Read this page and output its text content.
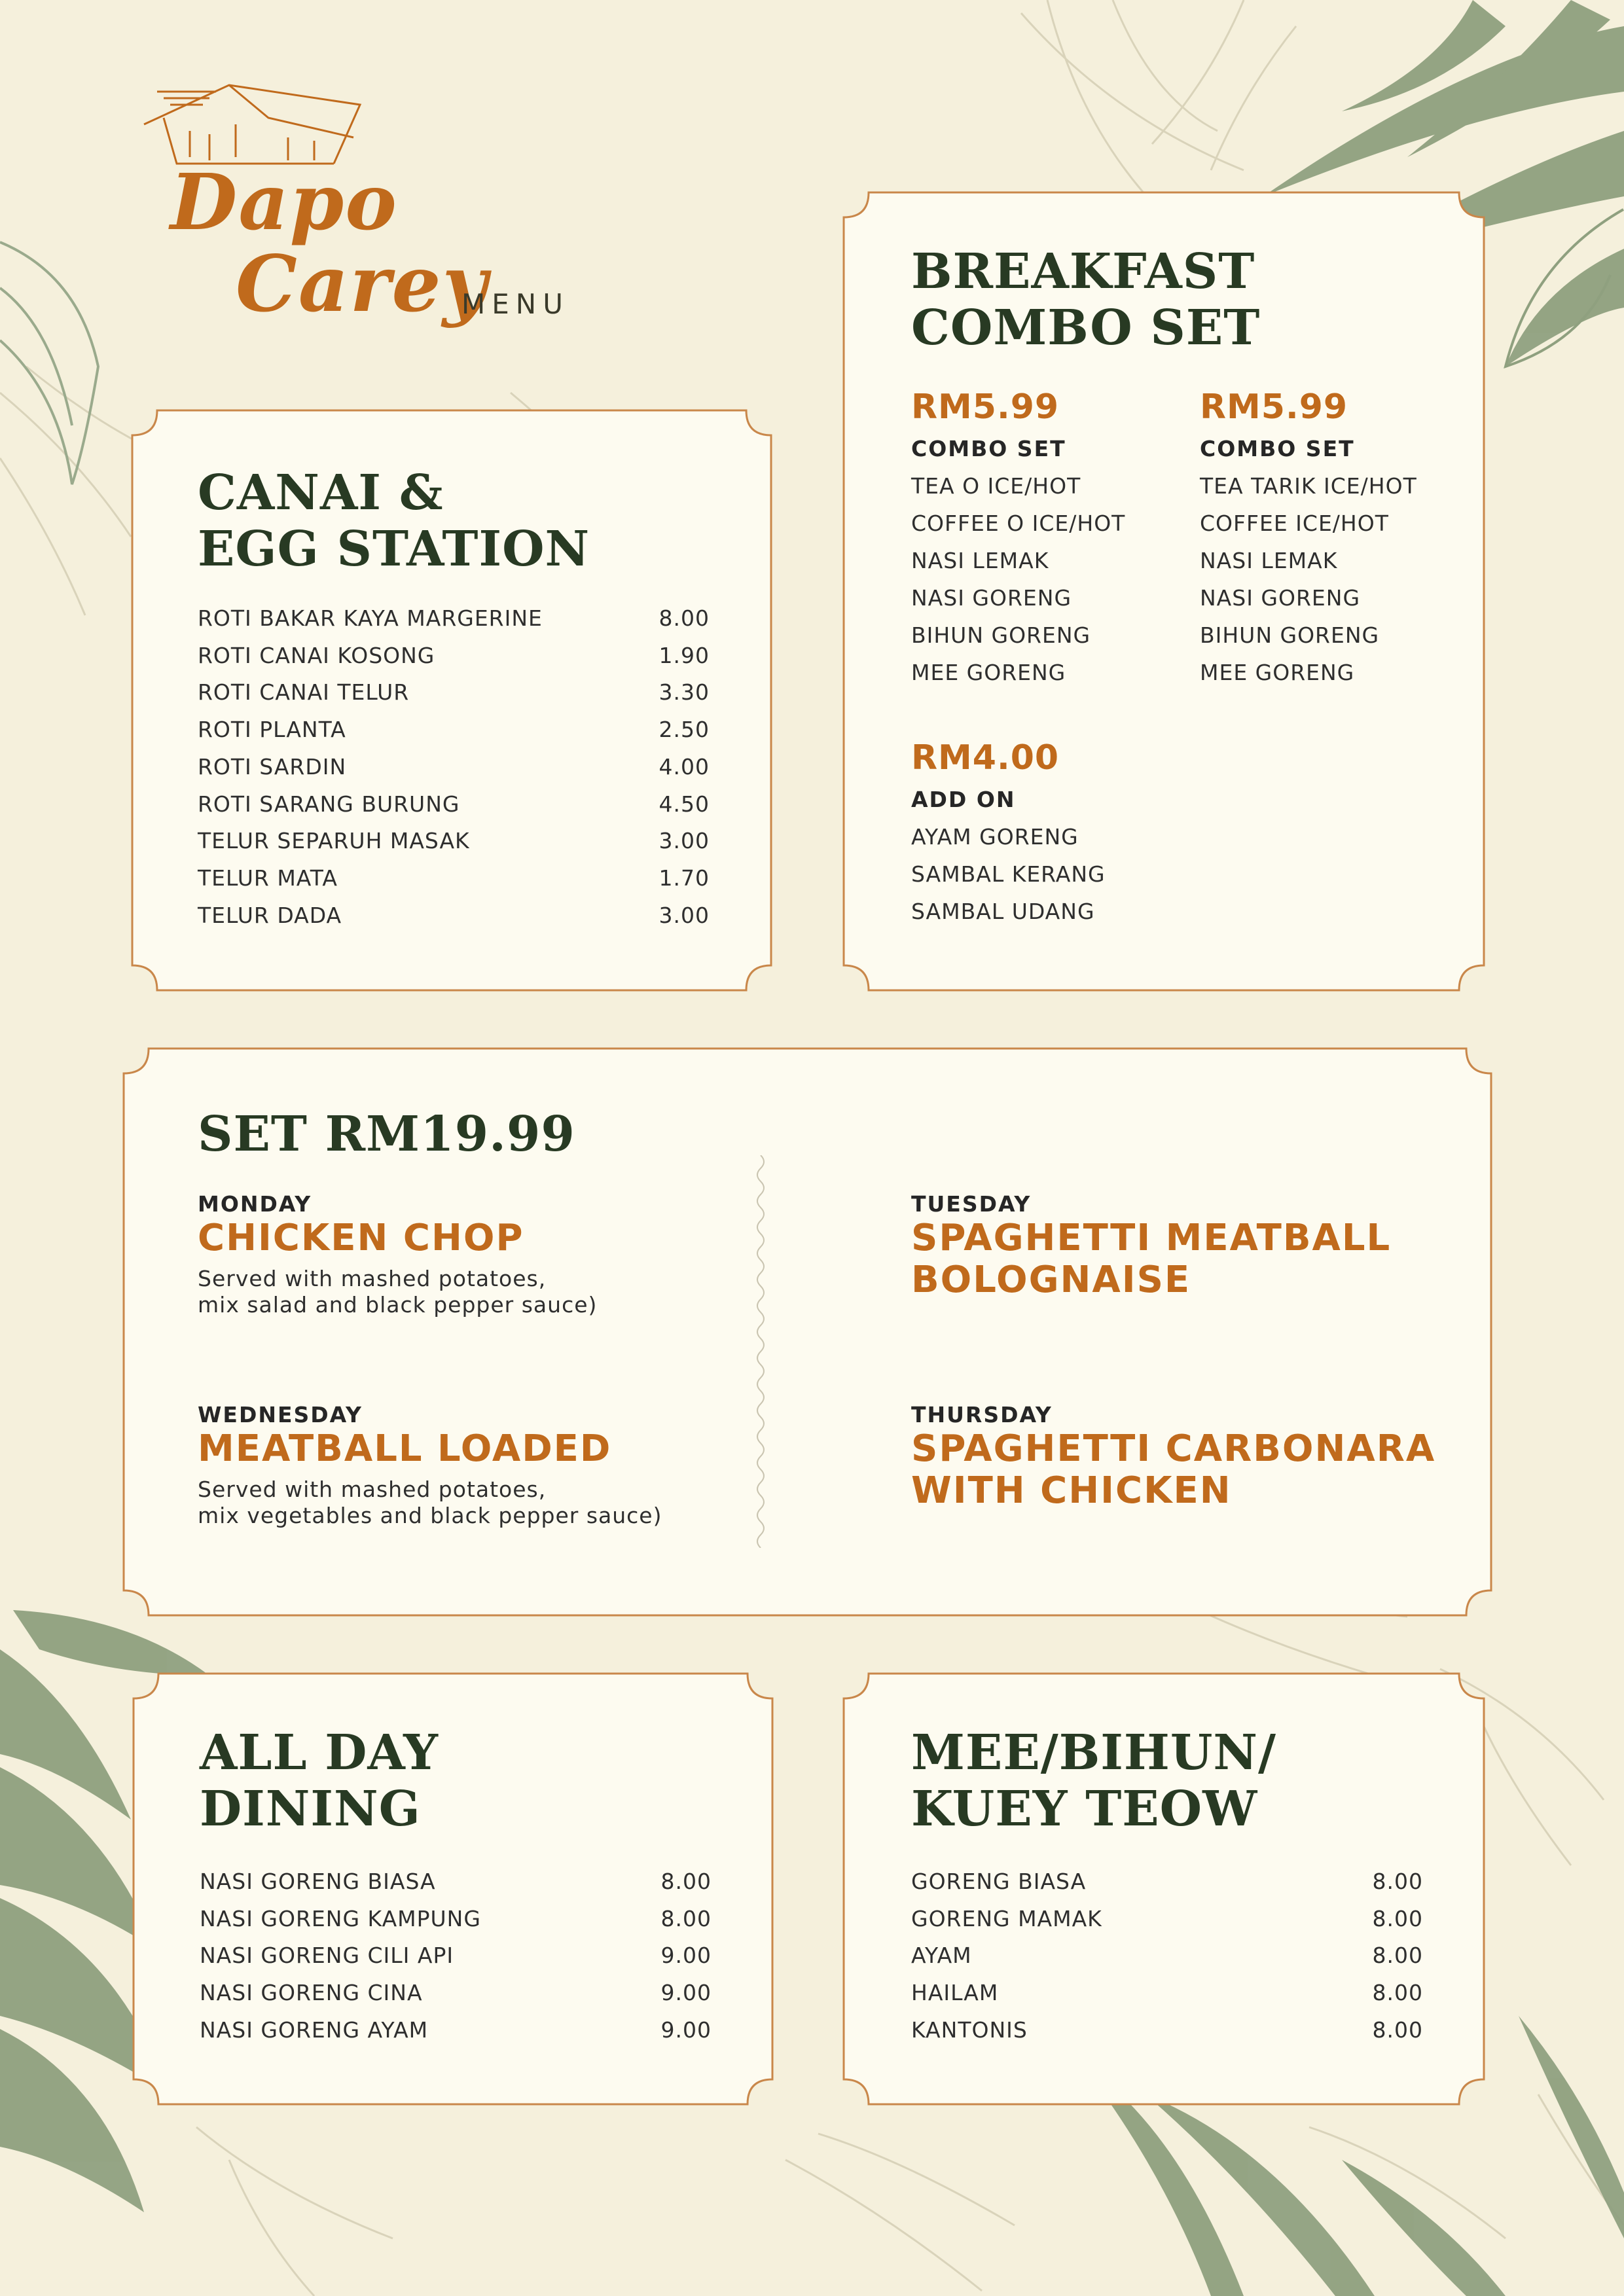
Dapo
Carey
MENU
CANAI &
EGG STATION
ROTI BAKAR KAYA MARGERINE	8.00
ROTI CANAI KOSONG	1.90
ROTI CANAI TELUR	3.30
ROTI PLANTA	2.50
ROTI SARDIN	4.00
ROTI SARANG BURUNG	4.50
TELUR SEPARUH MASAK	3.00
TELUR MATA	1.70
TELUR DADA	3.00
BREAKFAST
COMBO SET
RM5.99
COMBO SET
TEA O ICE/HOT
COFFEE O ICE/HOT
NASI LEMAK
NASI GORENG
BIHUN GORENG
MEE GORENG
RM5.99
COMBO SET
TEA TARIK ICE/HOT
COFFEE ICE/HOT
NASI LEMAK
NASI GORENG
BIHUN GORENG
MEE GORENG
RM4.00
ADD ON
AYAM GORENG
SAMBAL KERANG
SAMBAL UDANG
SET RM19.99
MONDAY
CHICKEN CHOP
Served with mashed potatoes,
mix salad and black pepper sauce)
TUESDAY
SPAGHETTI MEATBALL
BOLOGNAISE
WEDNESDAY
MEATBALL LOADED
Served with mashed potatoes,
mix vegetables and black pepper sauce)
THURSDAY
SPAGHETTI CARBONARA
WITH CHICKEN
ALL DAY
DINING
NASI GORENG BIASA	8.00
NASI GORENG KAMPUNG	8.00
NASI GORENG CILI API	9.00
NASI GORENG CINA	9.00
NASI GORENG AYAM	9.00
MEE/BIHUN/
KUEY TEOW
GORENG BIASA	8.00
GORENG MAMAK	8.00
AYAM	8.00
HAILAM	8.00
KANTONIS	8.00
